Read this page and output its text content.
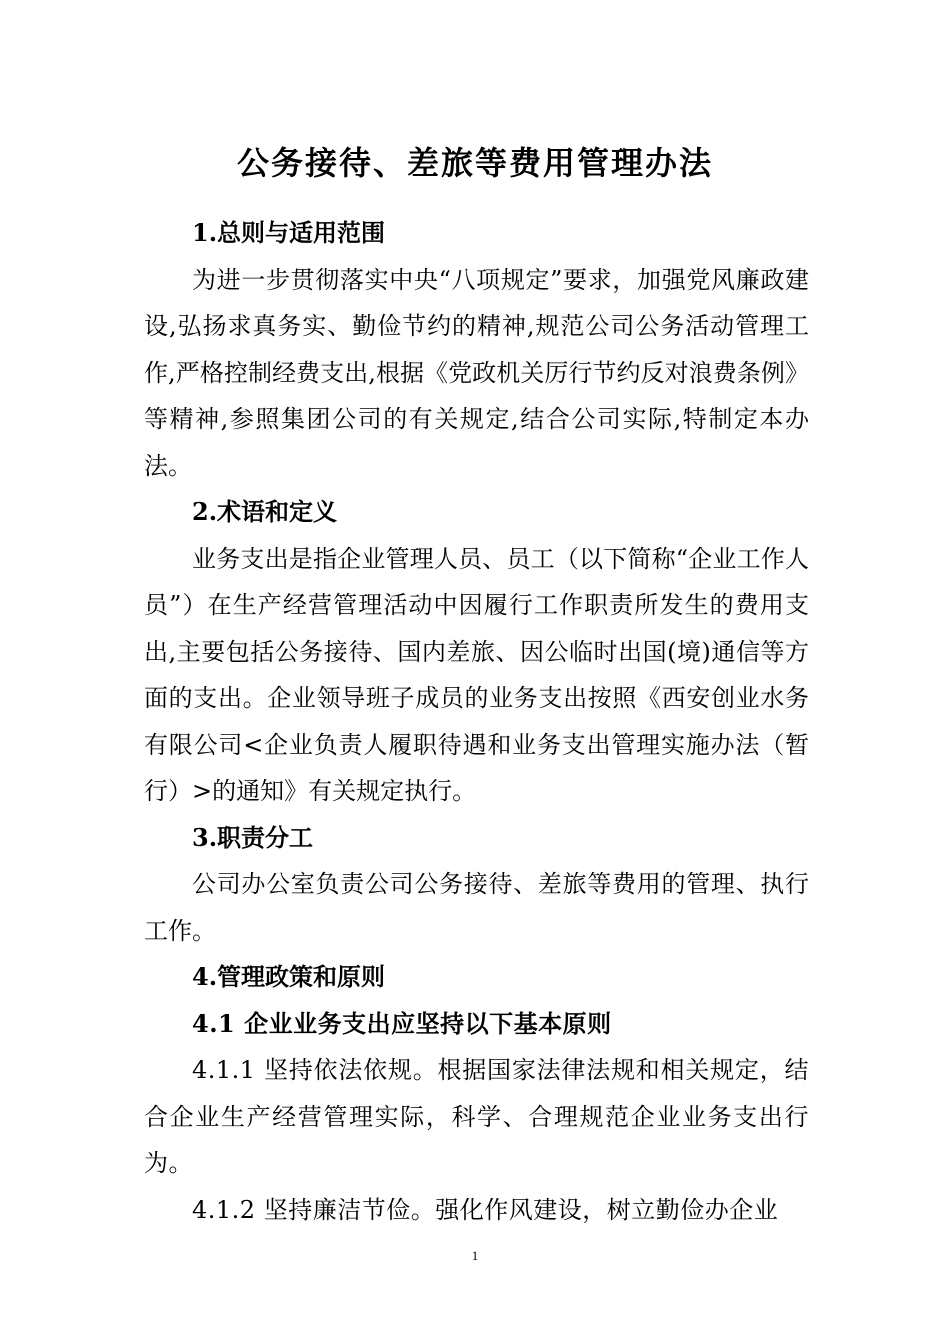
公务接待、差旅等费用管理办法

1.总则与适用范围

为进一步贯彻落实中央“八项规定”要求，加强党风廉政建设,弘扬求真务实、勤俭节约的精神,规范公司公务活动管理工作,严格控制经费支出,根据《党政机关厉行节约反对浪费条例》等精神,参照集团公司的有关规定,结合公司实际,特制定本办法。

2.术语和定义

业务支出是指企业管理人员、员工（以下简称“企业工作人员”）在生产经营管理活动中因履行工作职责所发生的费用支出,主要包括公务接待、国内差旅、因公临时出国(境)通信等方面的支出。企业领导班子成员的业务支出按照《西安创业水务有限公司<企业负责人履职待遇和业务支出管理实施办法（暂行）>的通知》有关规定执行。

3.职责分工

公司办公室负责公司公务接待、差旅等费用的管理、执行工作。

4.管理政策和原则

4.1 企业业务支出应坚持以下基本原则

4.1.1 坚持依法依规。根据国家法律法规和相关规定，结合企业生产经营管理实际，科学、合理规范企业业务支出行为。

4.1.2 坚持廉洁节俭。强化作风建设，树立勤俭办企业

1
